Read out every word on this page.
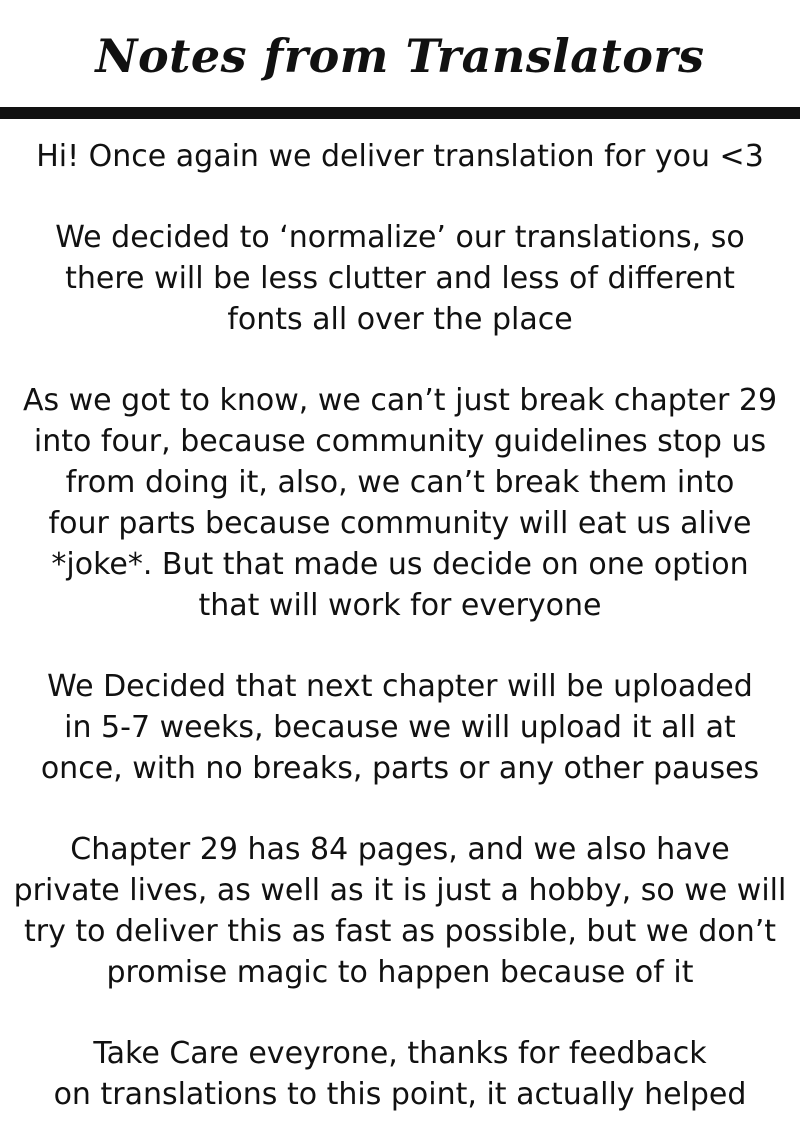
Notes from Translators

Hi! Once again we deliver translation for you <3

We decided to ‘normalize’ our translations, so
there will be less clutter and less of different
fonts all over the place

As we got to know, we can’t just break chapter 29
into four, because community guidelines stop us
from doing it, also, we can’t break them into
four parts because community will eat us alive
*joke*. But that made us decide on one option
that will work for everyone

We Decided that next chapter will be uploaded
in 5-7 weeks, because we will upload it all at
once, with no breaks, parts or any other pauses

Chapter 29 has 84 pages, and we also have
private lives, as well as it is just a hobby, so we will
try to deliver this as fast as possible, but we don’t
promise magic to happen because of it

Take Care eveyrone, thanks for feedback
on translations to this point, it actually helped
